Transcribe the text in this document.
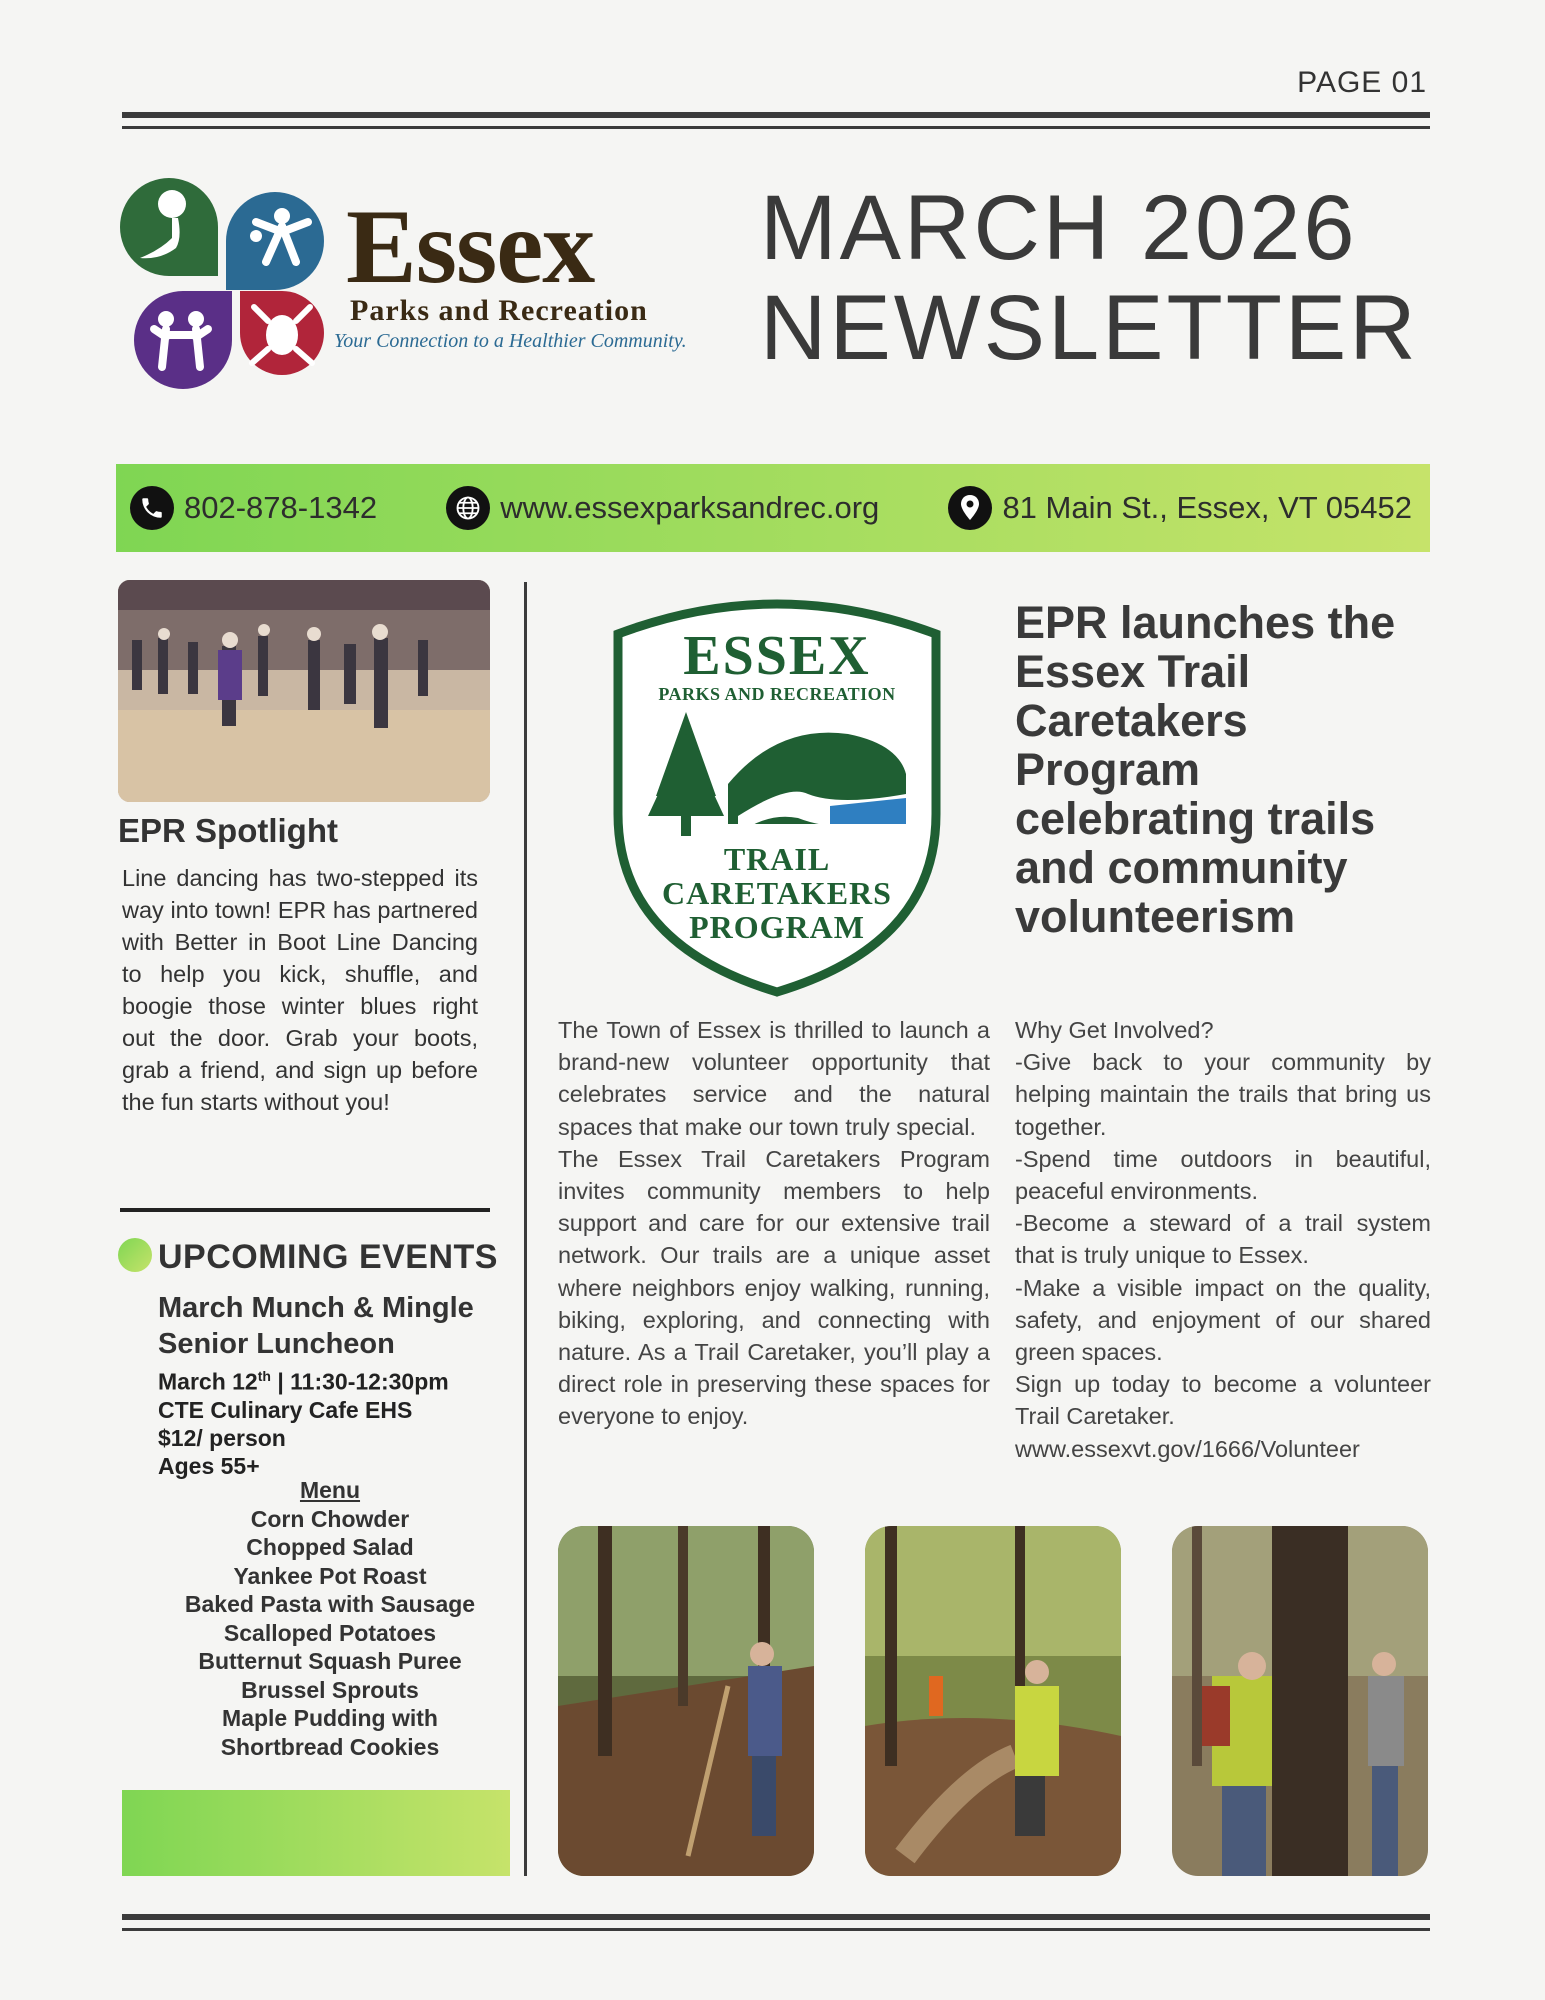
PAGE 01
Essex
Parks and Recreation
Your Connection to a Healthier Community.
MARCH 2026
NEWSLETTER
802-878-1342	www.essexparksandrec.org	81 Main St., Essex, VT 05452
EPR Spotlight
Line dancing has two-stepped its way into town! EPR has partnered with Better in Boot Line Dancing to help you kick, shuffle, and boogie those winter blues right out the door. Grab your boots, grab a friend, and sign up before the fun starts without you!
UPCOMING EVENTS
March Munch & Mingle Senior Luncheon
March 12th | 11:30-12:30pm
CTE Culinary Cafe EHS
$12/ person
Ages 55+
Menu
Corn Chowder
Chopped Salad
Yankee Pot Roast
Baked Pasta with Sausage
Scalloped Potatoes
Butternut Squash Puree
Brussel Sprouts
Maple Pudding with
Shortbread Cookies
ESSEX
PARKS AND RECREATION
TRAIL
CARETAKERS
PROGRAM
EPR launches the Essex Trail Caretakers Program celebrating trails and community volunteerism

The Town of Essex is thrilled to launch a brand-new volunteer opportunity that celebrates service and the natural spaces that make our town truly special.

The Essex Trail Caretakers Program invites community members to help support and care for our extensive trail network. Our trails are a unique asset where neighbors enjoy walking, running, biking, exploring, and connecting with nature. As a Trail Caretaker, you’ll play a direct role in preserving these spaces for everyone to enjoy.

Why Get Involved?

-Give back to your community by helping maintain the trails that bring us together.

-Spend time outdoors in beautiful, peaceful environments.

-Become a steward of a trail system that is truly unique to Essex.

-Make a visible impact on the quality, safety, and enjoyment of our shared green spaces.

Sign up today to become a volunteer Trail Caretaker.

www.essexvt.gov/1666/Volunteer
